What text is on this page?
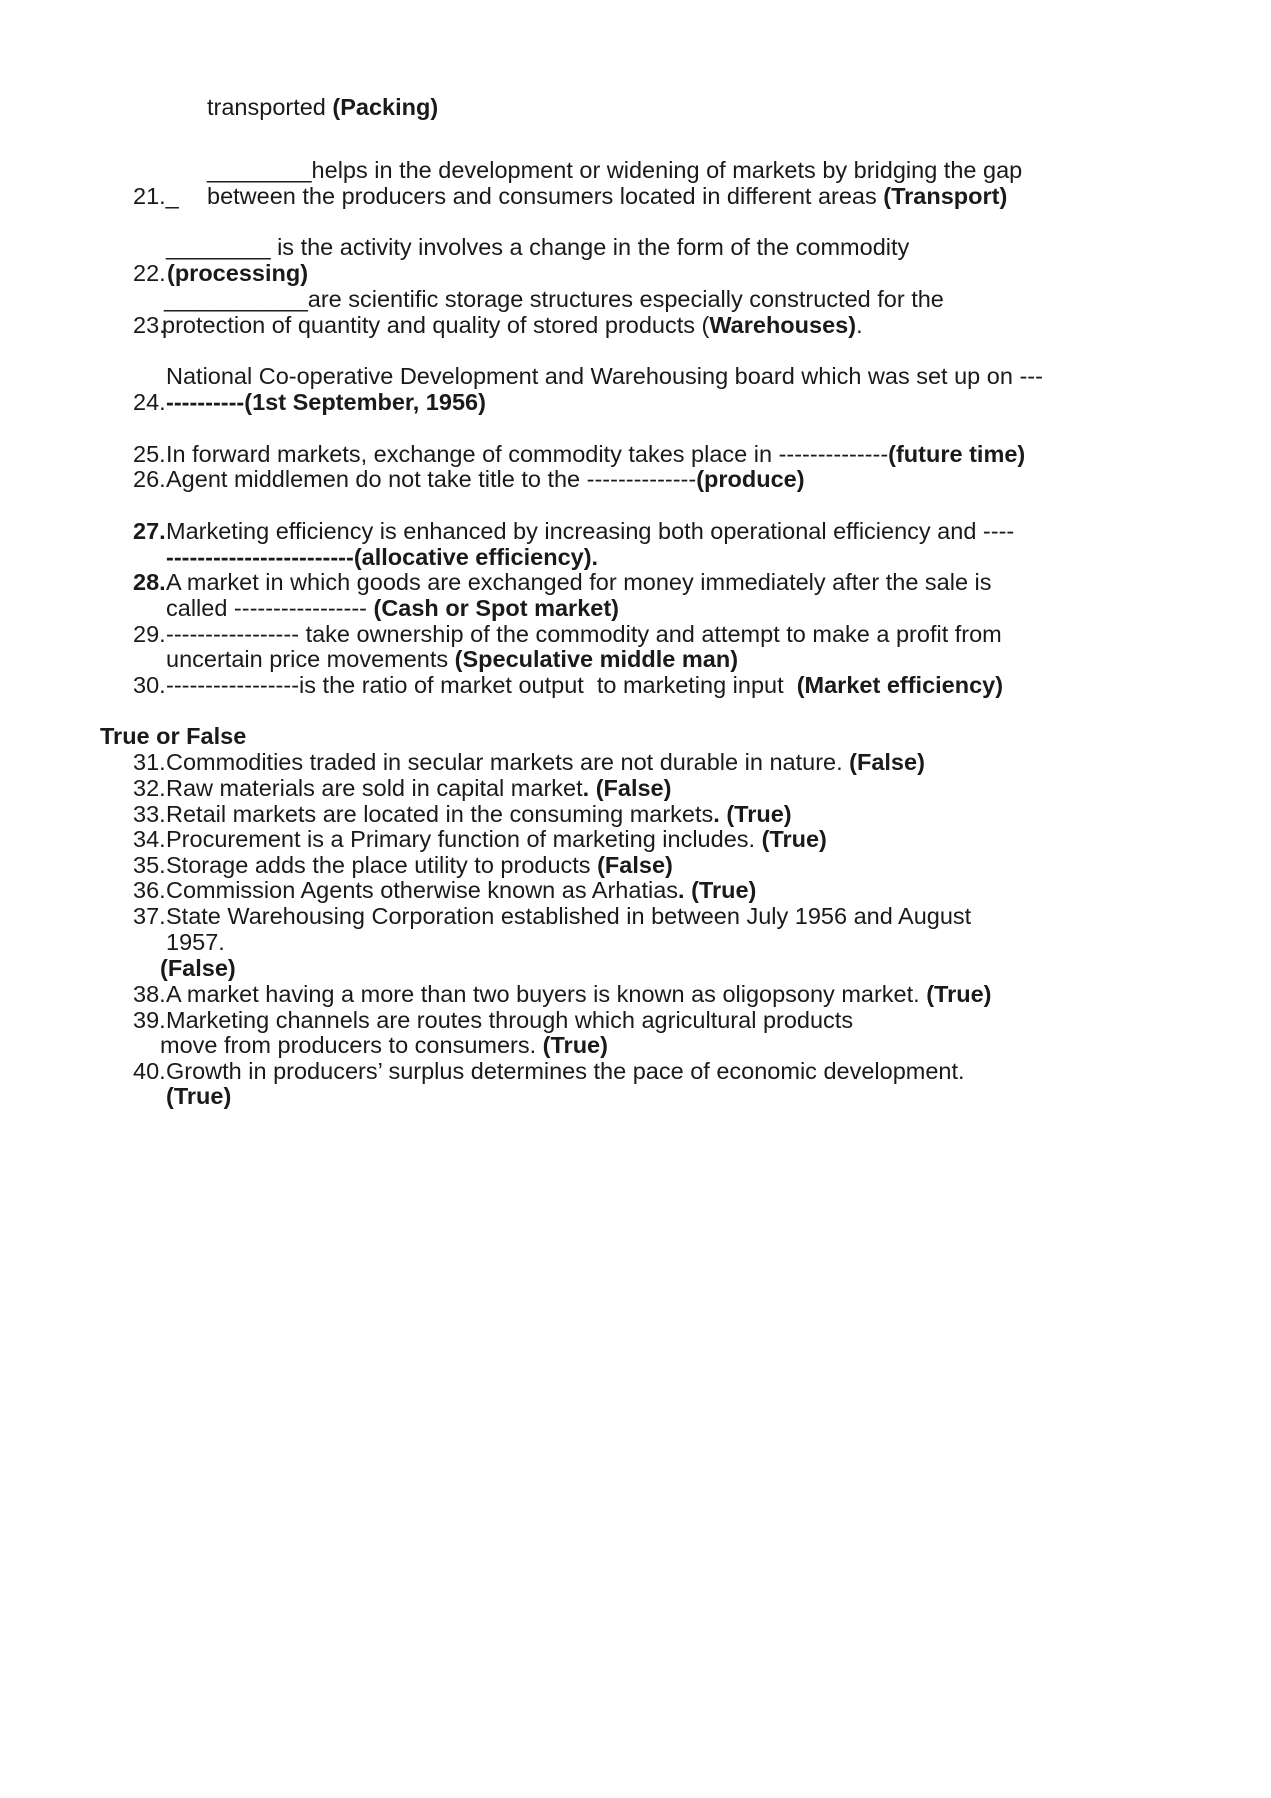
transported (Packing)
________helps in the development or widening of markets by bridging the gap
21._ between the producers and consumers located in different areas (Transport)
________ is the activity involves a change in the form of the commodity
22. (processing)
___________are scientific storage structures especially constructed for the
23.
protection of quantity and quality of stored products (Warehouses).
National Co-operative Development and Warehousing board which was set up on ---
24. ----------(1st September, 1956)
25. In forward markets, exchange of commodity takes place in --------------(future time)
26. Agent middlemen do not take title to the --------------(produce)
27. Marketing efficiency is enhanced by increasing both operational efficiency and ----
------------------------(allocative efficiency).
28. A market in which goods are exchanged for money immediately after the sale is
called ----------------- (Cash or Spot market)
29. ----------------- take ownership of the commodity and attempt to make a profit from
uncertain price movements (Speculative middle man)
30. -----------------is the ratio of market output  to marketing input  (Market efficiency)
True or False
31. Commodities traded in secular markets are not durable in nature. (False)
32. Raw materials are sold in capital market. (False)
33. Retail markets are located in the consuming markets. (True)
34. Procurement is a Primary function of marketing includes. (True)
35. Storage adds the place utility to products (False)
36. Commission Agents otherwise known as Arhatias. (True)
37. State Warehousing Corporation established in between July 1956 and August
1957.
(False)
38. A market having a more than two buyers is known as oligopsony market. (True)
39. Marketing channels are routes through which agricultural products
move from producers to consumers. (True)
40. Growth in producers’ surplus determines the pace of economic development.
(True)
